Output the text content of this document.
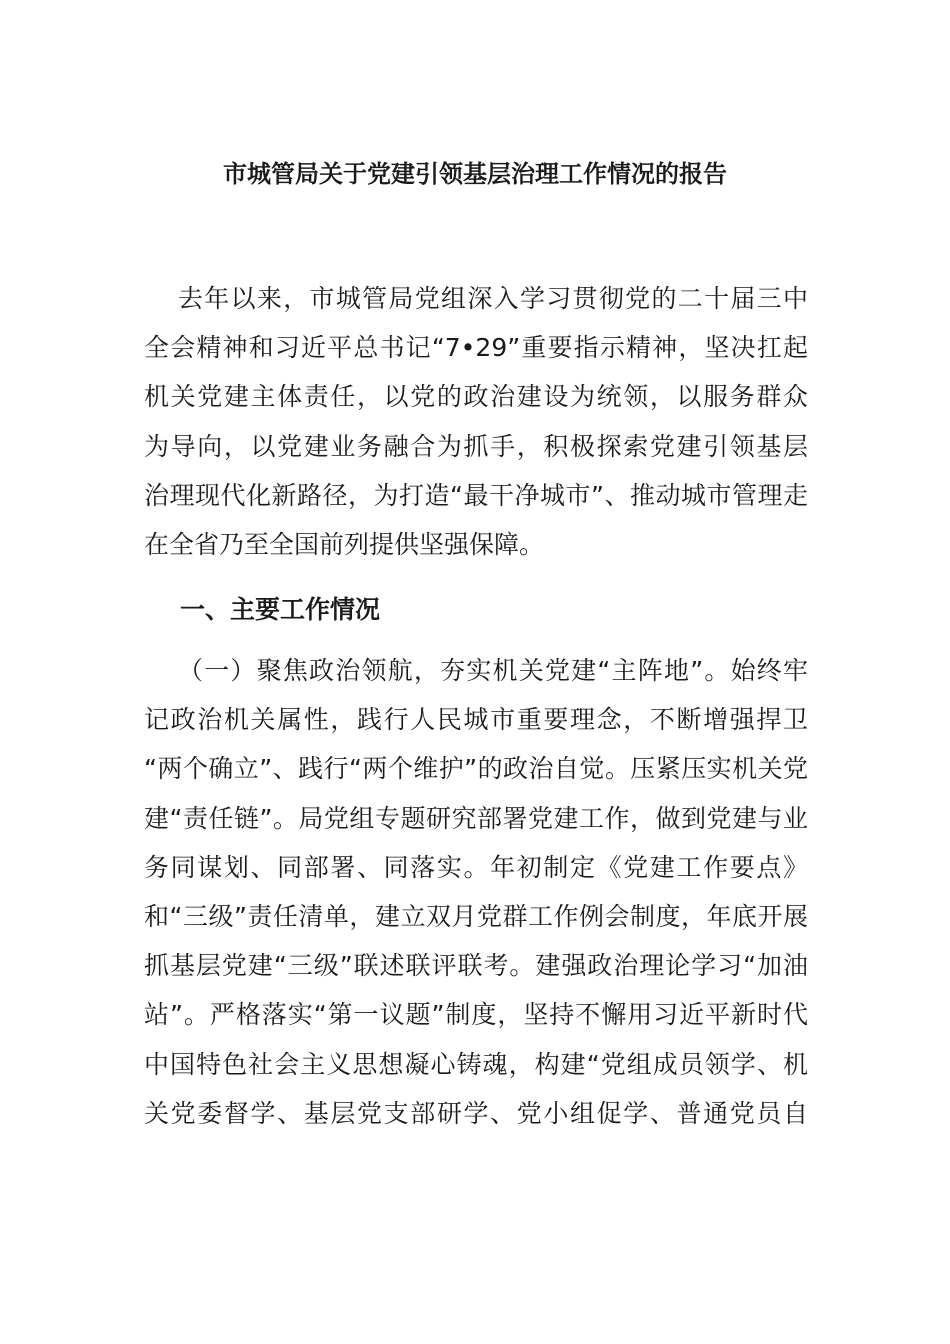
市城管局关于党建引领基层治理工作情况的报告
去年以来，市城管局党组深入学习贯彻党的二十届三中
全会精神和习近平总书记“7•29”重要指示精神，坚决扛起
机关党建主体责任，以党的政治建设为统领，以服务群众
为导向，以党建业务融合为抓手，积极探索党建引领基层
治理现代化新路径，为打造“最干净城市”、推动城市管理走
在全省乃至全国前列提供坚强保障。
一、主要工作情况
（一）聚焦政治领航，夯实机关党建“主阵地”。始终牢
记政治机关属性，践行人民城市重要理念，不断增强捍卫
“两个确立”、践行“两个维护”的政治自觉。压紧压实机关党
建“责任链”。局党组专题研究部署党建工作，做到党建与业
务同谋划、同部署、同落实。年初制定《党建工作要点》
和“三级”责任清单，建立双月党群工作例会制度，年底开展
抓基层党建“三级”联述联评联考。建强政治理论学习“加油
站”。严格落实“第一议题”制度，坚持不懈用习近平新时代
中国特色社会主义思想凝心铸魂，构建“党组成员领学、机
关党委督学、基层党支部研学、党小组促学、普通党员自
